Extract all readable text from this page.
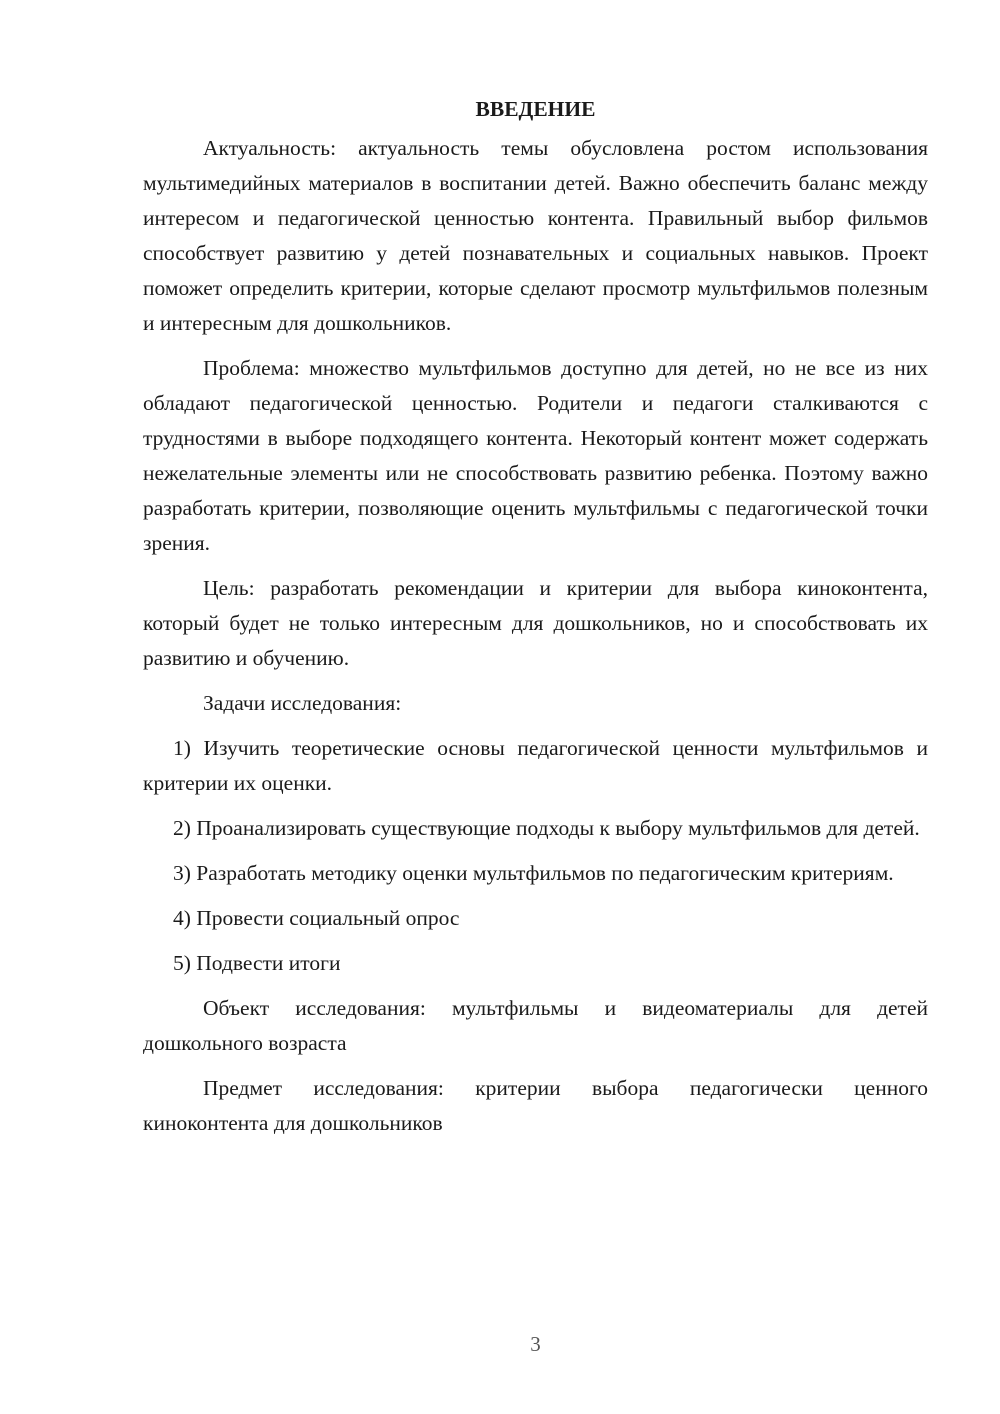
ВВЕДЕНИЕ

Актуальность: актуальность темы обусловлена ростом использования мультимедийных материалов в воспитании детей. Важно обеспечить баланс между интересом и педагогической ценностью контента. Правильный выбор фильмов способствует развитию у детей познавательных и социальных навыков. Проект поможет определить критерии, которые сделают просмотр мультфильмов полезным и интересным для дошкольников.

Проблема: множество мультфильмов доступно для детей, но не все из них обладают педагогической ценностью. Родители и педагоги сталкиваются с трудностями в выборе подходящего контента. Некоторый контент может содержать нежелательные элементы или не способствовать развитию ребенка. Поэтому важно разработать критерии, позволяющие оценить мультфильмы с педагогической точки зрения.

Цель: разработать рекомендации и критерии для выбора киноконтента, который будет не только интересным для дошкольников, но и способствовать их развитию и обучению.

Задачи исследования:

1) Изучить теоретические основы педагогической ценности мультфильмов и критерии их оценки.

2) Проанализировать существующие подходы к выбору мультфильмов для детей.

3) Разработать методику оценки мультфильмов по педагогическим критериям.

4) Провести социальный опрос

5) Подвести итоги

Объект исследования: мультфильмы и видеоматериалы для детей дошкольного возраста

Предмет исследования: критерии выбора педагогически ценного киноконтента для дошкольников

3
